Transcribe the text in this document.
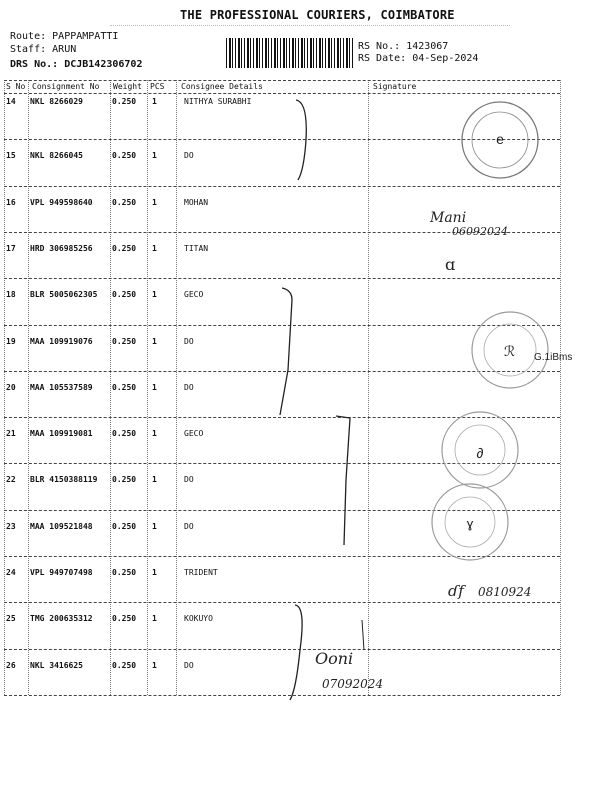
THE PROFESSIONAL COURIERS, COIMBATORE
Route: PAPPAMPATTI
Staff: ARUN
DRS No.: DCJB142306702
RS No.: 1423067
RS Date: 04-Sep-2024
S No Consignment No Weight PCS Consignee Details	Signature
14 NKL 8266029	0.250 1	NITHYA SURABHI
15 NKL 8266045	0.250 1	DO
16 VPL 949598640 0.250 1	MOHAN
17 HRD 306985256 0.250 1	TITAN
18 BLR 5005062305 0.250 1	GECO
19 MAA 109919076 0.250 1	DO
20 MAA 105537589 0.250 1	DO
21 MAA 109919081 0.250 1	GECO
22 BLR 4150388119 0.250 1	DO
23 MAA 109521848 0.250 1	DO
24 VPL 949707498 0.250 1	TRIDENT
25 TMG 200635312 0.250 1	KOKUYO
26 NKL 3416625	0.250 1	DO
e
ℛ G.1iBms
∂
ɣ
Mani
06092024
ɑ
ɗf 0810924
Ooni
07092024
